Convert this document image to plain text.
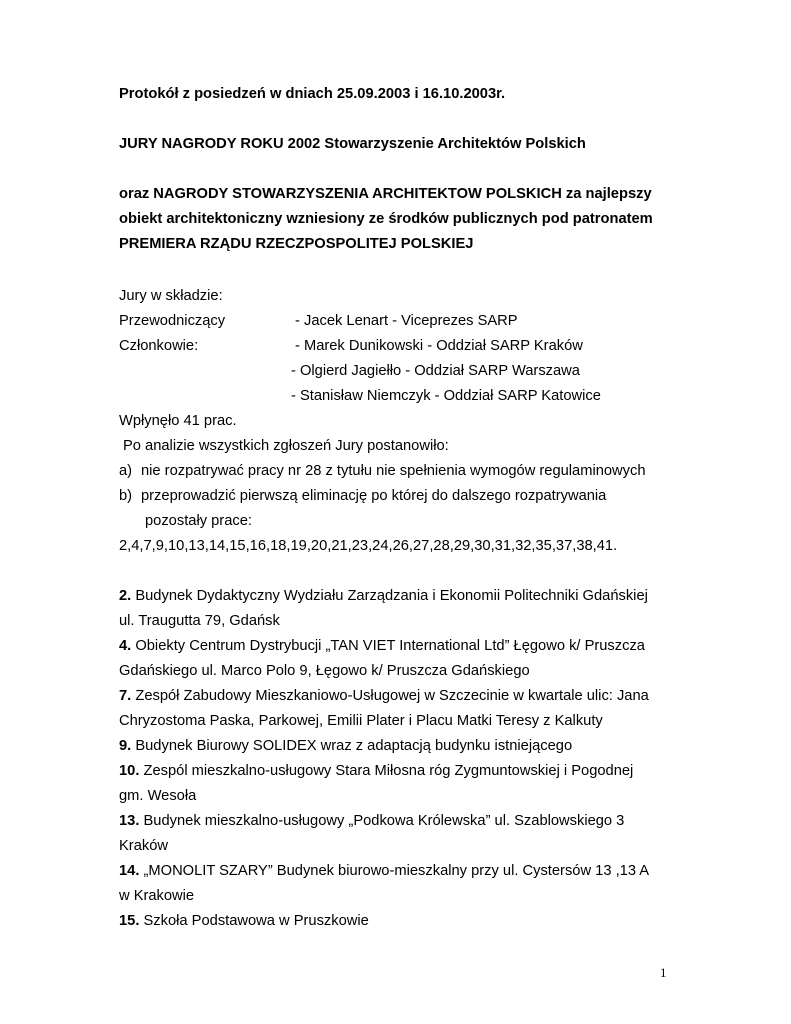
Protokół z posiedzeń w dniach 25.09.2003 i 16.10.2003r.
JURY NAGRODY ROKU 2002 Stowarzyszenie Architektów Polskich
oraz NAGRODY STOWARZYSZENIA ARCHITEKTOW POLSKICH za najlepszy
obiekt architektoniczny wzniesiony ze środków publicznych pod patronatem
PREMIERA RZĄDU RZECZPOSPOLITEJ POLSKIEJ
Jury w składzie:
Przewodniczący	- Jacek Lenart - Viceprezes SARP
Członkowie:	- Marek Dunikowski - Oddział SARP Kraków
- Olgierd Jagiełło - Oddział SARP Warszawa
- Stanisław Niemczyk - Oddział SARP Katowice
Wpłynęło 41 prac.
Po analizie wszystkich zgłoszeń Jury postanowiło:
a) nie rozpatrywać pracy nr 28 z tytułu nie spełnienia wymogów regulaminowych
b) przeprowadzić pierwszą eliminację po której do dalszego rozpatrywania
pozostały prace:
2,4,7,9,10,13,14,15,16,18,19,20,21,23,24,26,27,28,29,30,31,32,35,37,38,41.
2. Budynek Dydaktyczny Wydziału Zarządzania i Ekonomii Politechniki Gdańskiej
ul. Traugutta 79, Gdańsk
4. Obiekty Centrum Dystrybucji „TAN VIET International Ltd” Łęgowo k/ Pruszcza
Gdańskiego ul. Marco Polo 9, Łęgowo k/ Pruszcza Gdańskiego
7. Zespół Zabudowy Mieszkaniowo-Usługowej w Szczecinie w kwartale ulic: Jana
Chryzostoma Paska, Parkowej, Emilii Plater i Placu Matki Teresy z Kalkuty
9. Budynek Biurowy SOLIDEX wraz z adaptacją budynku istniejącego
10. Zespól mieszkalno-usługowy Stara Miłosna róg Zygmuntowskiej i Pogodnej
gm. Wesoła
13. Budynek mieszkalno-usługowy „Podkowa Królewska” ul. Szablowskiego 3
Kraków
14. „MONOLIT SZARY” Budynek biurowo-mieszkalny przy ul. Cystersów 13 ,13 A
w Krakowie
15. Szkoła Podstawowa w Pruszkowie
1
